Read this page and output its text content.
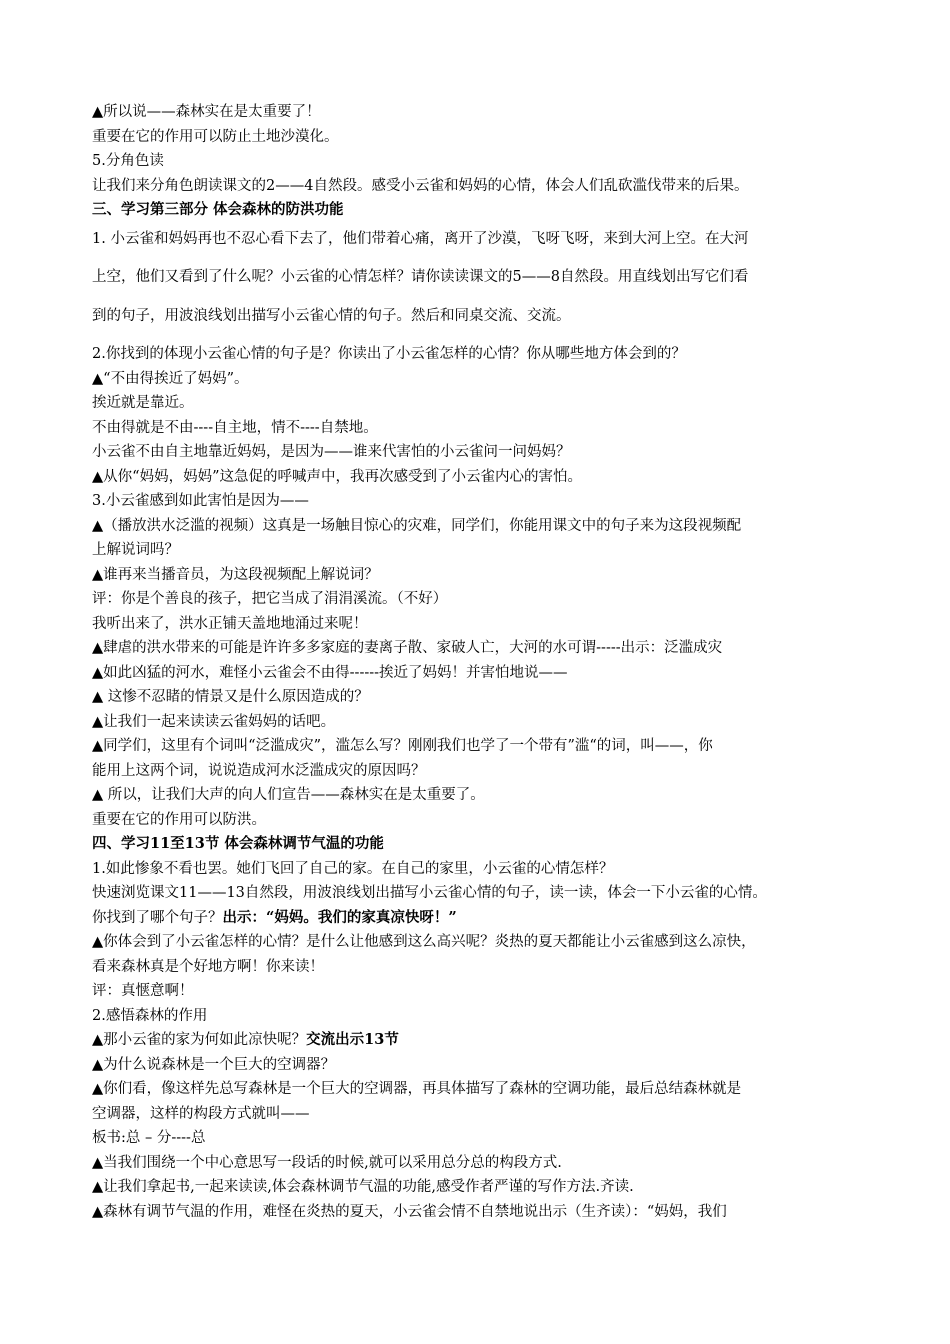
▲所以说——森林实在是太重要了！
重要在它的作用可以防止土地沙漠化。
5.分角色读
让我们来分角色朗读课文的2——4自然段。感受小云雀和妈妈的心情，体会人们乱砍滥伐带来的后果。
三、学习第三部分 体会森林的防洪功能
1. 小云雀和妈妈再也不忍心看下去了，他们带着心痛，离开了沙漠，飞呀飞呀，来到大河上空。在大河
上空，他们又看到了什么呢？小云雀的心情怎样？请你读读课文的5——8自然段。用直线划出写它们看
到的句子，用波浪线划出描写小云雀心情的句子。然后和同桌交流、交流。
2.你找到的体现小云雀心情的句子是？你读出了小云雀怎样的心情？你从哪些地方体会到的？
▲“不由得挨近了妈妈”。
挨近就是靠近。
不由得就是不由----自主地，情不----自禁地。
小云雀不由自主地靠近妈妈，是因为——谁来代害怕的小云雀问一问妈妈？
▲从你“妈妈，妈妈”这急促的呼喊声中，我再次感受到了小云雀内心的害怕。
3.小云雀感到如此害怕是因为——
▲（播放洪水泛滥的视频）这真是一场触目惊心的灾难，同学们，你能用课文中的句子来为这段视频配
上解说词吗？
▲谁再来当播音员，为这段视频配上解说词？
评：你是个善良的孩子，把它当成了涓涓溪流。（不好）
我听出来了，洪水正铺天盖地地涌过来呢！
▲肆虐的洪水带来的可能是许许多多家庭的妻离子散、家破人亡，大河的水可谓-----出示：泛滥成灾
▲如此凶猛的河水，难怪小云雀会不由得------挨近了妈妈！并害怕地说——
▲ 这惨不忍睹的情景又是什么原因造成的？
▲让我们一起来读读云雀妈妈的话吧。
▲同学们，这里有个词叫“泛滥成灾”，滥怎么写？刚刚我们也学了一个带有”滥“的词，叫——，你
能用上这两个词，说说造成河水泛滥成灾的原因吗？
▲ 所以，让我们大声的向人们宣告——森林实在是太重要了。
重要在它的作用可以防洪。
四、学习11至13节 体会森林调节气温的功能
1.如此惨象不看也罢。她们飞回了自己的家。在自己的家里，小云雀的心情怎样？
快速浏览课文11——13自然段，用波浪线划出描写小云雀心情的句子，读一读，体会一下小云雀的心情。
你找到了哪个句子？出示：“妈妈。我们的家真凉快呀！”
▲你体会到了小云雀怎样的心情？是什么让他感到这么高兴呢？炎热的夏天都能让小云雀感到这么凉快，
看来森林真是个好地方啊！你来读！
评：真惬意啊！
2.感悟森林的作用
▲那小云雀的家为何如此凉快呢？交流出示13节
▲为什么说森林是一个巨大的空调器？
▲你们看，像这样先总写森林是一个巨大的空调器，再具体描写了森林的空调功能，最后总结森林就是
空调器，这样的构段方式就叫——
板书:总 – 分----总
▲当我们围绕一个中心意思写一段话的时候,就可以采用总分总的构段方式.
▲让我们拿起书,一起来读读,体会森林调节气温的功能,感受作者严谨的写作方法.齐读.
▲森林有调节气温的作用，难怪在炎热的夏天，小云雀会情不自禁地说出示（生齐读）：“妈妈，我们
